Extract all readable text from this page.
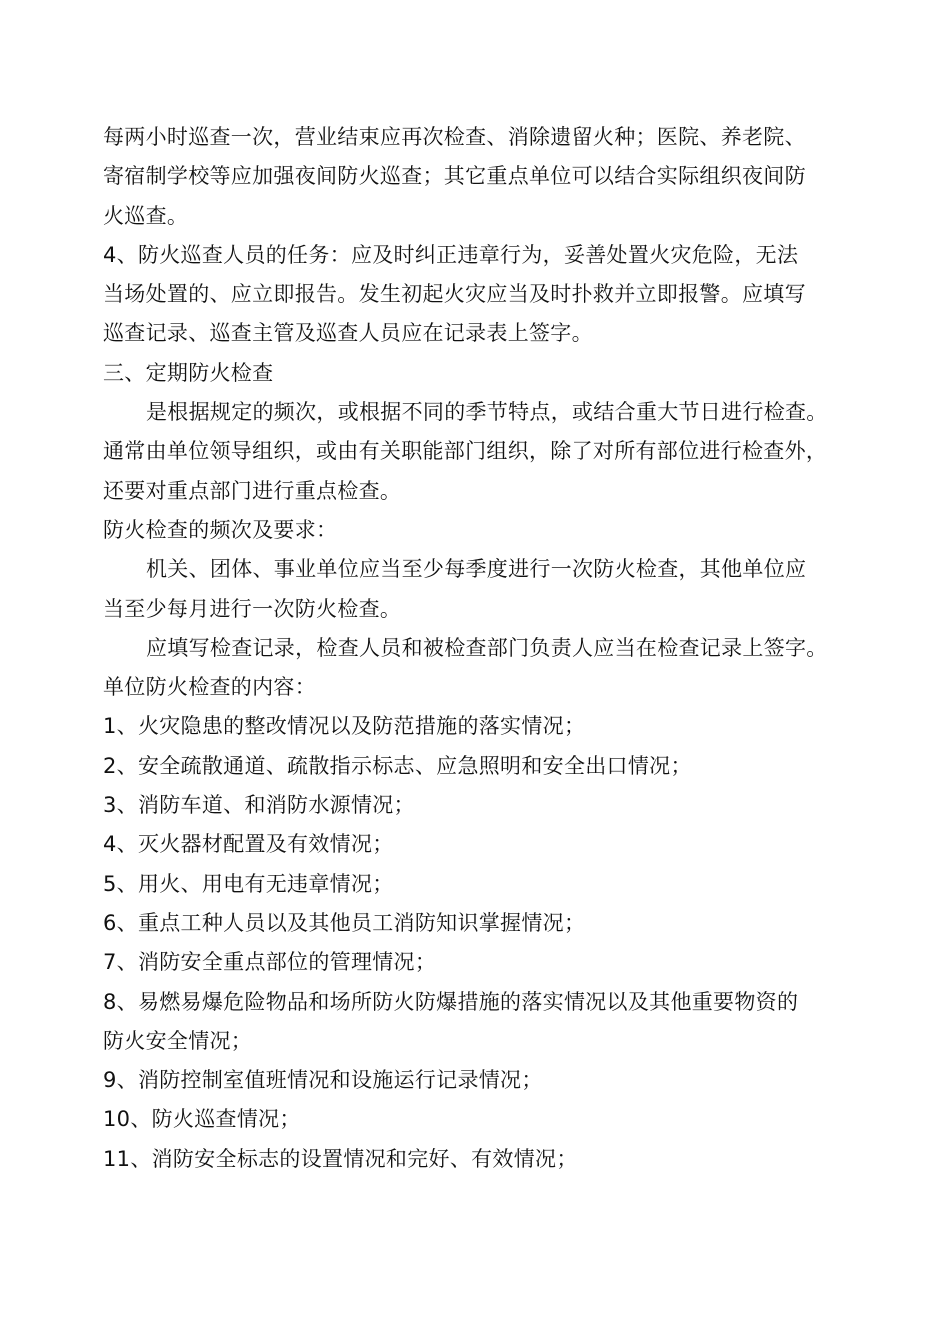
每两小时巡查一次，营业结束应再次检查、消除遗留火种；医院、养老院、
寄宿制学校等应加强夜间防火巡查；其它重点单位可以结合实际组织夜间防
火巡查。
4、防火巡查人员的任务：应及时纠正违章行为，妥善处置火灾危险，无法
当场处置的、应立即报告。发生初起火灾应当及时扑救并立即报警。应填写
巡查记录、巡查主管及巡查人员应在记录表上签字。
三、定期防火检查
是根据规定的频次，或根据不同的季节特点，或结合重大节日进行检查。
通常由单位领导组织，或由有关职能部门组织，除了对所有部位进行检查外，
还要对重点部门进行重点检查。
防火检查的频次及要求：
机关、团体、事业单位应当至少每季度进行一次防火检查，其他单位应
当至少每月进行一次防火检查。
应填写检查记录，检查人员和被检查部门负责人应当在检查记录上签字。
单位防火检查的内容：
1、火灾隐患的整改情况以及防范措施的落实情况；
2、安全疏散通道、疏散指示标志、应急照明和安全出口情况；
3、消防车道、和消防水源情况；
4、灭火器材配置及有效情况；
5、用火、用电有无违章情况；
6、重点工种人员以及其他员工消防知识掌握情况；
7、消防安全重点部位的管理情况；
8、易燃易爆危险物品和场所防火防爆措施的落实情况以及其他重要物资的
防火安全情况；
9、消防控制室值班情况和设施运行记录情况；
10、防火巡查情况；
11、消防安全标志的设置情况和完好、有效情况；
